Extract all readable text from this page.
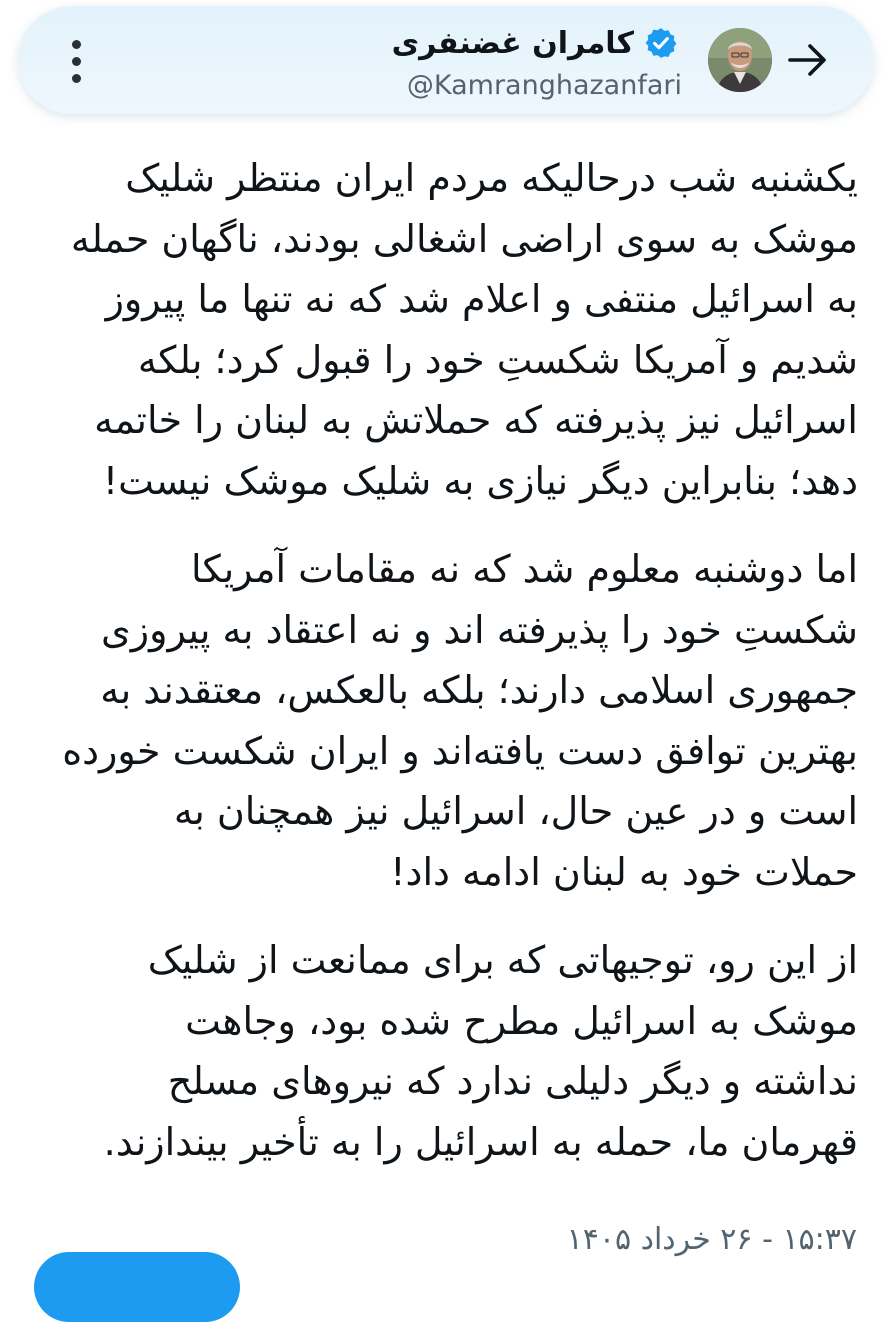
کامران غضنفری
@Kamranghazanfari

یکشنبه شب درحالیکه مردم ایران منتظر شلیک
موشک به سوی اراضی اشغالی بودند، ناگهان حمله
به اسرائیل منتفی و اعلام شد که نه تنها ما پیروز
شدیم و آمریکا شکستِ خود را قبول کرد؛ بلکه
اسرائیل نیز پذیرفته که حملاتش به لبنان را خاتمه
دهد؛ بنابراین دیگر نیازی به شلیک موشک نیست!

اما دوشنبه معلوم شد که نه مقامات آمریکا
شکستِ خود را پذیرفته اند و نه اعتقاد به پیروزی
جمهوری اسلامی دارند؛ بلکه بالعکس، معتقدند به
بهترین توافق دست یافته‌اند و ایران شکست خورده
است و در عین حال، اسرائیل نیز همچنان به
حملات خود به لبنان ادامه داد!

از این رو، توجیهاتی که برای ممانعت از شلیک
موشک به اسرائیل مطرح شده بود، وجاهت
نداشته و دیگر دلیلی ندارد که نیروهای مسلح
قهرمان ما، حمله به اسرائیل را به تأخیر بیندازند.

۱۵:۳۷ - ۲۶ خرداد ۱۴۰۵
